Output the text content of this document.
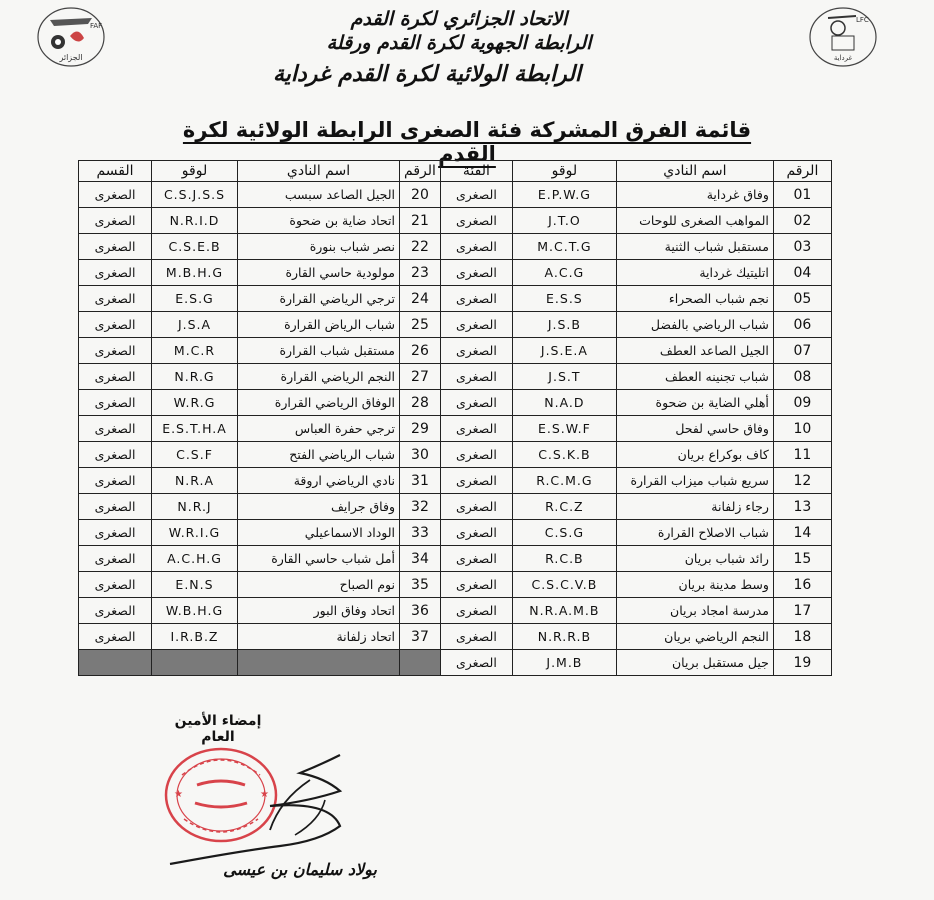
FAF
الجزائر
LFC
غرداية
الاتحاد الجزائري لكرة القدم
الرابطة الجهوية لكرة القدم ورقلة
الرابطة الولائية لكرة القدم غرداية
قائمة الفرق المشركة فئة الصغرى الرابطة الولائية لكرة القدم
الرقم	اسم النادي	لوقو	الفئة	الرقم	اسم النادي	لوقو	القسم
01	وفاق غرداية	E.P.W.G	الصغرى	20	الجيل الصاعد سبسب	C.S.J.S.S	الصغرى
02	المواهب الصغرى للوحات	J.T.O	الصغرى	21	اتحاد ضاية بن ضحوة	N.R.I.D	الصغرى
03	مستقبل شباب الثنية	M.C.T.G	الصغرى	22	نصر شباب بنورة	C.S.E.B	الصغرى
04	اتليتيك غرداية	A.C.G	الصغرى	23	مولودية حاسي القارة	M.B.H.G	الصغرى
05	نجم شباب الصحراء	E.S.S	الصغرى	24	ترجي الرياضي القرارة	E.S.G	الصغرى
06	شباب الرياضي بالفضل	J.S.B	الصغرى	25	شباب الرياض القرارة	J.S.A	الصغرى
07	الجيل الصاعد العطف	J.S.E.A	الصغرى	26	مستقبل شباب القرارة	M.C.R	الصغرى
08	شباب تجنينه العطف	J.S.T	الصغرى	27	النجم الرياضي القرارة	N.R.G	الصغرى
09	أهلي الضاية بن ضحوة	N.A.D	الصغرى	28	الوفاق الرياضي القرارة	W.R.G	الصغرى
10	وفاق حاسي لفحل	E.S.W.F	الصغرى	29	ترجي حفرة العباس	E.S.T.H.A	الصغرى
11	كاف بوكراع بريان	C.S.K.B	الصغرى	30	شباب الرياضي الفتح	C.S.F	الصغرى
12	سريع شباب ميزاب القرارة	R.C.M.G	الصغرى	31	نادي الرياضي اروقة	N.R.A	الصغرى
13	رجاء زلفانة	R.C.Z	الصغرى	32	وفاق جرايف	N.R.J	الصغرى
14	شباب الاصلاح القرارة	C.S.G	الصغرى	33	الوداد الاسماعيلي	W.R.I.G	الصغرى
15	رائد شباب بريان	R.C.B	الصغرى	34	أمل شباب حاسي القارة	A.C.H.G	الصغرى
16	وسط مدينة بريان	C.S.C.V.B	الصغرى	35	نوم الصباح	E.N.S	الصغرى
17	مدرسة امجاد بريان	N.R.A.M.B	الصغرى	36	اتحاد وفاق البور	W.B.H.G	الصغرى
18	النجم الرياضي بريان	N.R.R.B	الصغرى	37	اتحاد زلفانة	I.R.B.Z	الصغرى
19	جيل مستقبل بريان	J.M.B	الصغرى				
إمضاء الأمين العام
★	★
بولاد سليمان بن عيسى
